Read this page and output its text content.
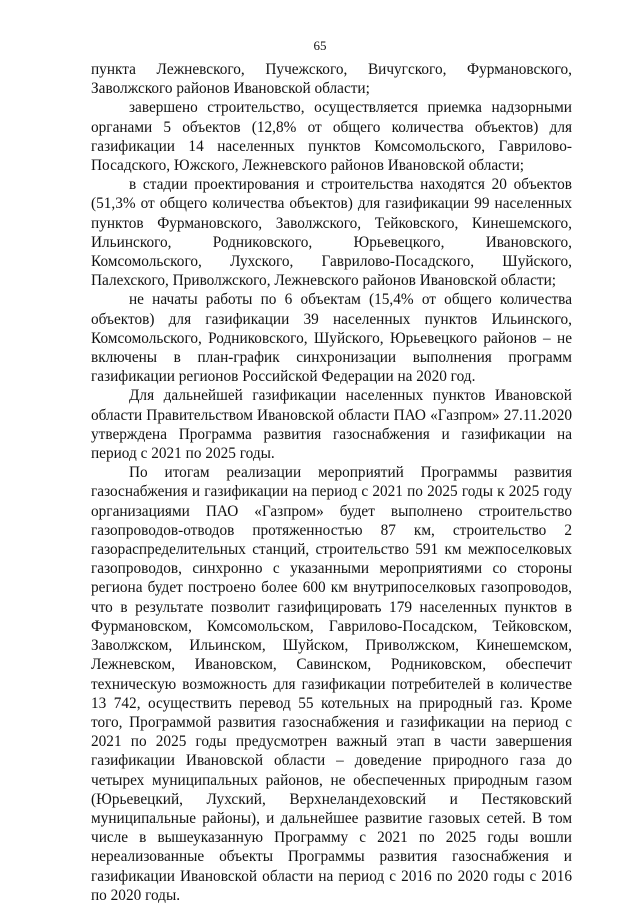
65

пункта Лежневского, Пучежского, Вичугского, Фурмановского, Заволжского районов Ивановской области;

завершено строительство, осуществляется приемка надзорными органами 5 объектов (12,8% от общего количества объектов) для газификации 14 населенных пунктов Комсомольского, Гаврилово-Посадского, Южского, Лежневского районов Ивановской области;

в стадии проектирования и строительства находятся 20 объектов (51,3% от общего количества объектов) для газификации 99 населенных пунктов Фурмановского, Заволжского, Тейковского, Кинешемского, Ильинского, Родниковского, Юрьевецкого, Ивановского, Комсомольского, Лухского, Гаврилово-Посадского, Шуйского, Палехского, Приволжского, Лежневского районов Ивановской области;

не начаты работы по 6 объектам (15,4% от общего количества объектов) для газификации 39 населенных пунктов Ильинского, Комсомольского, Родниковского, Шуйского, Юрьевецкого районов – не включены в план-график синхронизации выполнения программ газификации регионов Российской Федерации на 2020 год.

Для дальнейшей газификации населенных пунктов Ивановской области Правительством Ивановской области ПАО «Газпром» 27.11.2020 утверждена Программа развития газоснабжения и газификации на период с 2021 по 2025 годы.

По итогам реализации мероприятий Программы развития газоснабжения и газификации на период с 2021 по 2025 годы к 2025 году организациями ПАО «Газпром» будет выполнено строительство газопроводов-отводов протяженностью 87 км, строительство 2 газораспределительных станций, строительство 591 км межпоселковых газопроводов, синхронно с указанными мероприятиями со стороны региона будет построено более 600 км внутрипоселковых газопроводов, что в результате позволит газифицировать 179 населенных пунктов в Фурмановском, Комсомольском, Гаврилово-Посадском, Тейковском, Заволжском, Ильинском, Шуйском, Приволжском, Кинешемском, Лежневском, Ивановском, Савинском, Родниковском, обеспечит техническую возможность для газификации потребителей в количестве 13 742, осуществить перевод 55 котельных на природный газ. Кроме того, Программой развития газоснабжения и газификации на период с 2021 по 2025 годы предусмотрен важный этап в части завершения газификации Ивановской области – доведение природного газа до четырех муниципальных районов, не обеспеченных природным газом (Юрьевецкий, Лухский, Верхнеландеховский и Пестяковский муниципальные районы), и дальнейшее развитие газовых сетей. В том числе в вышеуказанную Программу с 2021 по 2025 годы вошли нереализованные объекты Программы развития газоснабжения и газификации Ивановской области на период с 2016 по 2020 годы с 2016 по 2020 годы.
